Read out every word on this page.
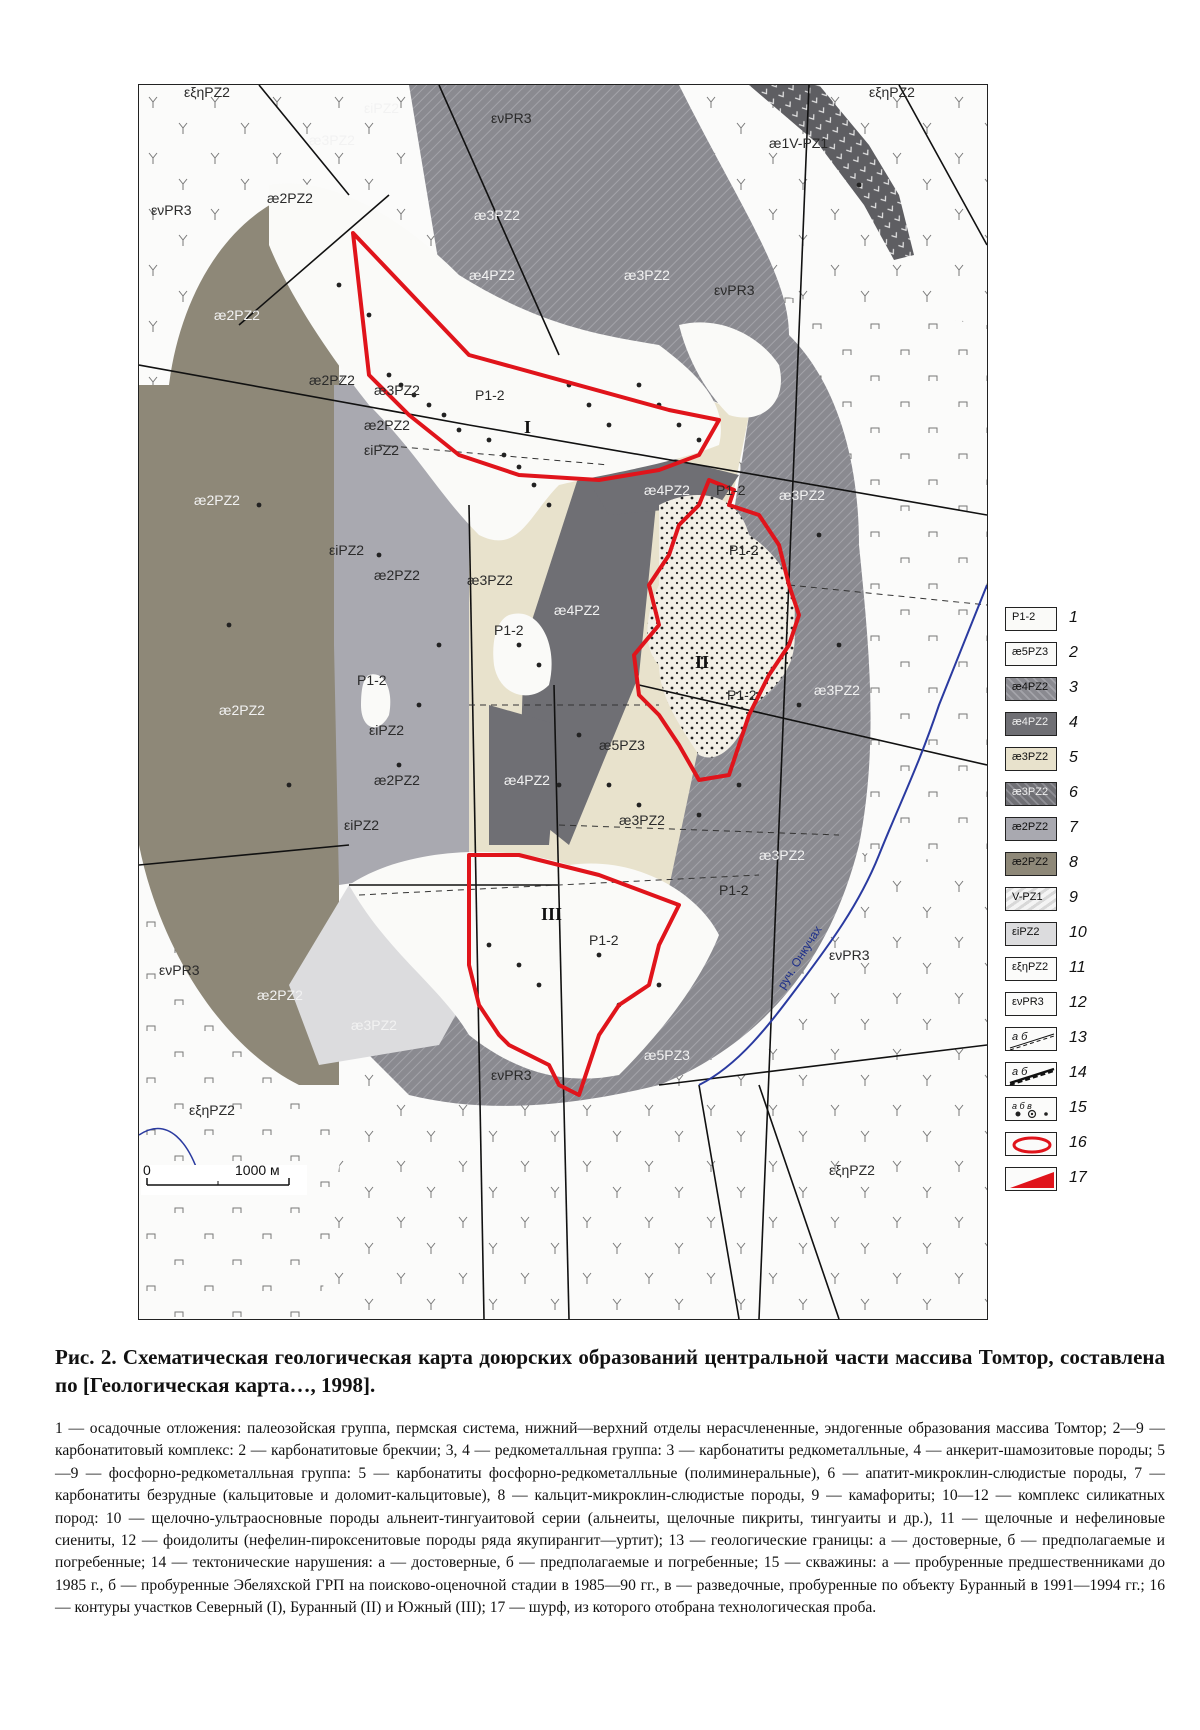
руч. Онкучах
εξηPZ2	εξηPZ2
εiPZ2
ενPR3
æ3PZ2
æ2PZ2
ενPR3	æ3PZ2
æ4PZ2	æ3PZ2
ενPR3
æ1V-PZ1
æ2PZ2
æ2PZ2
æ3PZ2	P1-2
æ2PZ2
εiPZ2
æ2PZ2
æ4PZ2	æ3PZ2
P1-2
εiPZ2
æ2PZ2	æ3PZ2
æ4PZ2
P1-2
P1-2
æ2PZ2
P1-2
εiPZ2
æ2PZ2
æ5PZ3
æ4PZ2
æ3PZ2
εiPZ2
æ3PZ2
æ3PZ2
P1-2
P1-2
ενPR3
ενPR3
æ2PZ2
æ3PZ2
ενPR3
æ5PZ3
εξηPZ2
εξηPZ2
P1-2
I
II
III
0	1000 м
P1-2 1
æ5PZ3 2
æ4PZ2 3
æ4PZ2 4
æ3PZ2 5
æ3PZ2 6
æ2PZ2 7
æ2PZ2 8
V-PZ1 9
εiPZ2 10
εξηPZ2 11
ενPR3 12
а б	13
а б	14
а б в 15
16
17
Рис. 2. Схематическая геологическая карта доюрских образований центральной части массива Томтор, составлена по [Геологическая карта…, 1998].
1 — осадочные отложения: палеозойская группа, пермская система, нижний—верхний отделы нерасчлененные, эндогенные образования массива Томтор; 2—9 — карбонатитовый комплекс: 2 — карбонатитовые брекчии; 3, 4 — редкометалльная группа: 3 — карбонатиты редкометалльные, 4 — анкерит-шамозитовые породы; 5—9 — фосфорно-редкометалльная группа: 5 — карбонатиты фосфорно-редкометалльные (полиминеральные), 6 — апатит-микроклин-слюдистые породы, 7 — карбонатиты безрудные (кальцитовые и доломит-кальцитовые), 8 — кальцит-микроклин-слюдистые породы, 9 — камафориты; 10—12 — комплекс силикатных пород: 10 — щелочно-ультраосновные породы альнеит-тингуаитовой серии (альнеиты, щелочные пикриты, тингуаиты и др.), 11 — щелочные и нефелиновые сиениты, 12 — фоидолиты (нефелин-пироксенитовые породы ряда якупирангит—уртит); 13 — геологические границы: а — достоверные, б — предполагаемые и погребенные; 14 — тектонические нарушения: а — достоверные, б — предполагаемые и погребенные; 15 — скважины: а — пробуренные предшественниками до 1985 г., б — пробуренные Эбеляхской ГРП на поисково-оценочной стадии в 1985—90 гг., в — разведочные, пробуренные по объекту Буранный в 1991—1994 гг.; 16 — контуры участков Северный (I), Буранный (II) и Южный (III); 17 — шурф, из которого отобрана технологическая проба.
